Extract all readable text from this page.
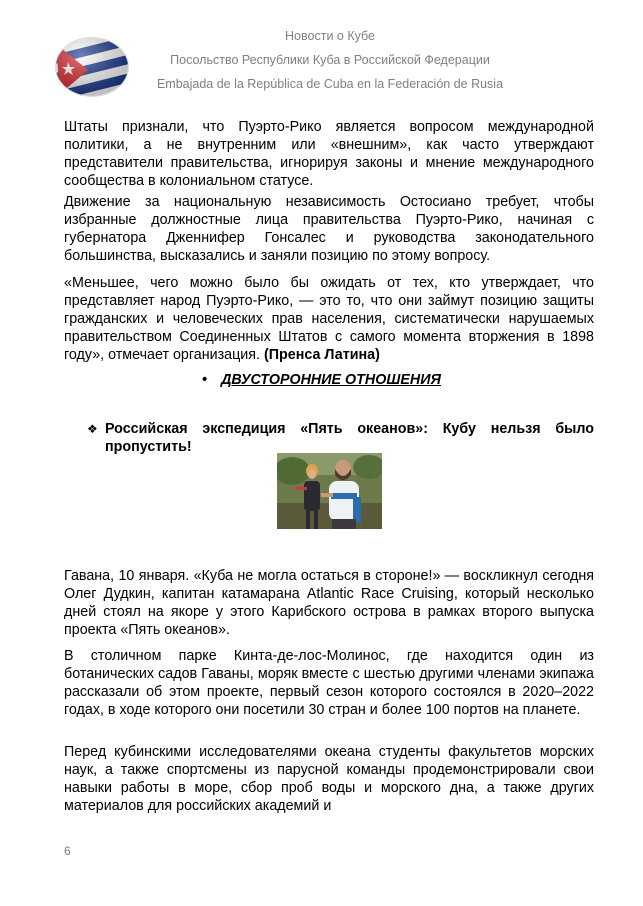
Новости о Кубе
Посольство Республики Куба в Российской Федерации
Embajada de la República de Cuba en la Federación de Rusia

Штаты признали, что Пуэрто-Рико является вопросом международной политики, а не внутренним или «внешним», как часто утверждают представители правительства, игнорируя законы и мнение международного сообщества в колониальном статусе.

Движение за национальную независимость Остосиано требует, чтобы избранные должностные лица правительства Пуэрто-Рико, начиная с губернатора Дженнифер Гонсалес и руководства законодательного большинства, высказались и заняли позицию по этому вопросу.

«Меньшее, чего можно было бы ожидать от тех, кто утверждает, что представляет народ Пуэрто-Рико, — это то, что они займут позицию защиты гражданских и человеческих прав населения, систематически нарушаемых правительством Соединенных Штатов с самого момента вторжения в 1898 году», отмечает организация. (Пренса Латина)

• ДВУСТОРОННИЕ ОТНОШЕНИЯ
❖ Российская экспедиция «Пять океанов»: Кубу нельзя было пропустить!

Гавана, 10 января. «Куба не могла остаться в стороне!» — воскликнул сегодня Олег Дудкин, капитан катамарана Atlantic Race Cruising, который несколько дней стоял на якоре у этого Карибского острова в рамках второго выпуска проекта «Пять океанов».

В столичном парке Кинта-де-лос-Молинос, где находится один из ботанических садов Гаваны, моряк вместе с шестью другими членами экипажа рассказали об этом проекте, первый сезон которого состоялся в 2020–2022 годах, в ходе которого они посетили 30 стран и более 100 портов на планете.

Перед кубинскими исследователями океана студенты факультетов морских наук, а также спортсмены из парусной команды продемонстрировали свои навыки работы в море, сбор проб воды и морского дна, а также других материалов для российских академий и

6
